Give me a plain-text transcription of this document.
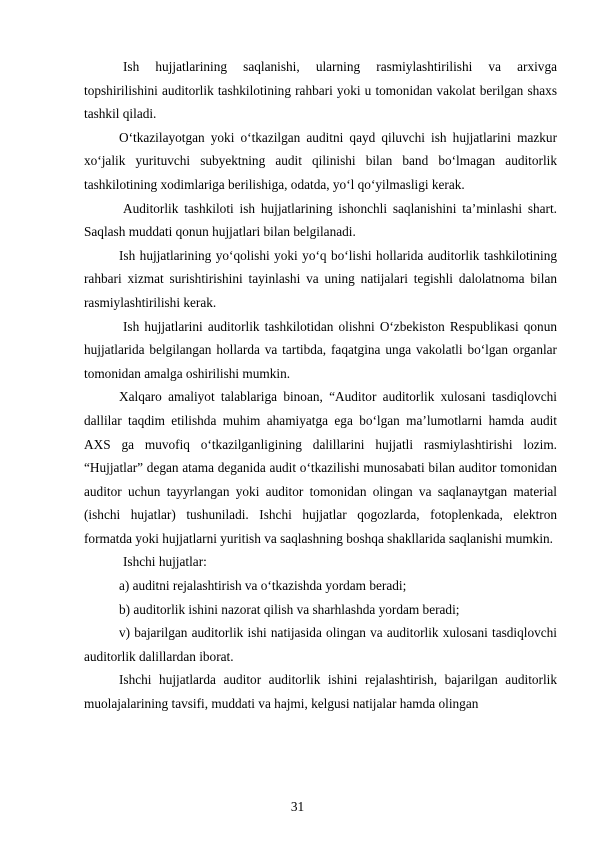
Ish hujjatlarining saqlanishi, ularning rasmiylashtirilishi va arxivga topshirilishini auditorlik tashkilotining rahbari yoki u tomonidan vakolat berilgan shaxs tashkil qiladi.

O‘tkazilayotgan yoki o‘tkazilgan auditni qayd qiluvchi ish hujjatlarini mazkur xo‘jalik yurituvchi subyektning audit qilinishi bilan band bo‘lmagan auditorlik tashkilotining xodimlariga berilishiga, odatda, yo‘l qo‘yilmasligi kerak.

Auditorlik tashkiloti ish hujjatlarining ishonchli saqlanishini ta’minlashi shart. Saqlash muddati qonun hujjatlari bilan belgilanadi.

Ish hujjatlarining yo‘qolishi yoki yo‘q bo‘lishi hollarida auditorlik tashkilotining rahbari xizmat surishtirishini tayinlashi va uning natijalari tegishli dalolatnoma bilan rasmiylashtirilishi kerak.

Ish hujjatlarini auditorlik tashkilotidan olishni O‘zbekiston Respublikasi qonun hujjatlarida belgilangan hollarda va tartibda, faqatgina unga vakolatli bo‘lgan organlar tomonidan amalga oshirilishi mumkin.

Xalqaro amaliyot talablariga binoan, “Auditor auditorlik xulosani tasdiqlovchi dallilar taqdim etilishda muhim ahamiyatga ega bo‘lgan ma’lumotlarni hamda audit AXS ga muvofiq o‘tkazilganligining dalillarini hujjatli rasmiylashtirishi lozim. “Hujjatlar” degan atama deganida audit o‘tkazilishi munosabati bilan auditor tomonidan auditor uchun tayyrlangan yoki auditor tomonidan olingan va saqlanaytgan material (ishchi hujatlar) tushuniladi. Ishchi hujjatlar qogozlarda, fotoplenkada, elektron formatda yoki hujjatlarni yuritish va saqlashning boshqa shakllarida saqlanishi mumkin.

Ishchi hujjatlar:

a) auditni rejalashtirish va o‘tkazishda yordam beradi;

b) auditorlik ishini nazorat qilish va sharhlashda yordam beradi;

v) bajarilgan auditorlik ishi natijasida olingan va auditorlik xulosani tasdiqlovchi auditorlik dalillardan iborat.

Ishchi hujjatlarda auditor auditorlik ishini rejalashtirish, bajarilgan auditorlik muolajalarining tavsifi, muddati va hajmi, kelgusi natijalar hamda olingan

31
